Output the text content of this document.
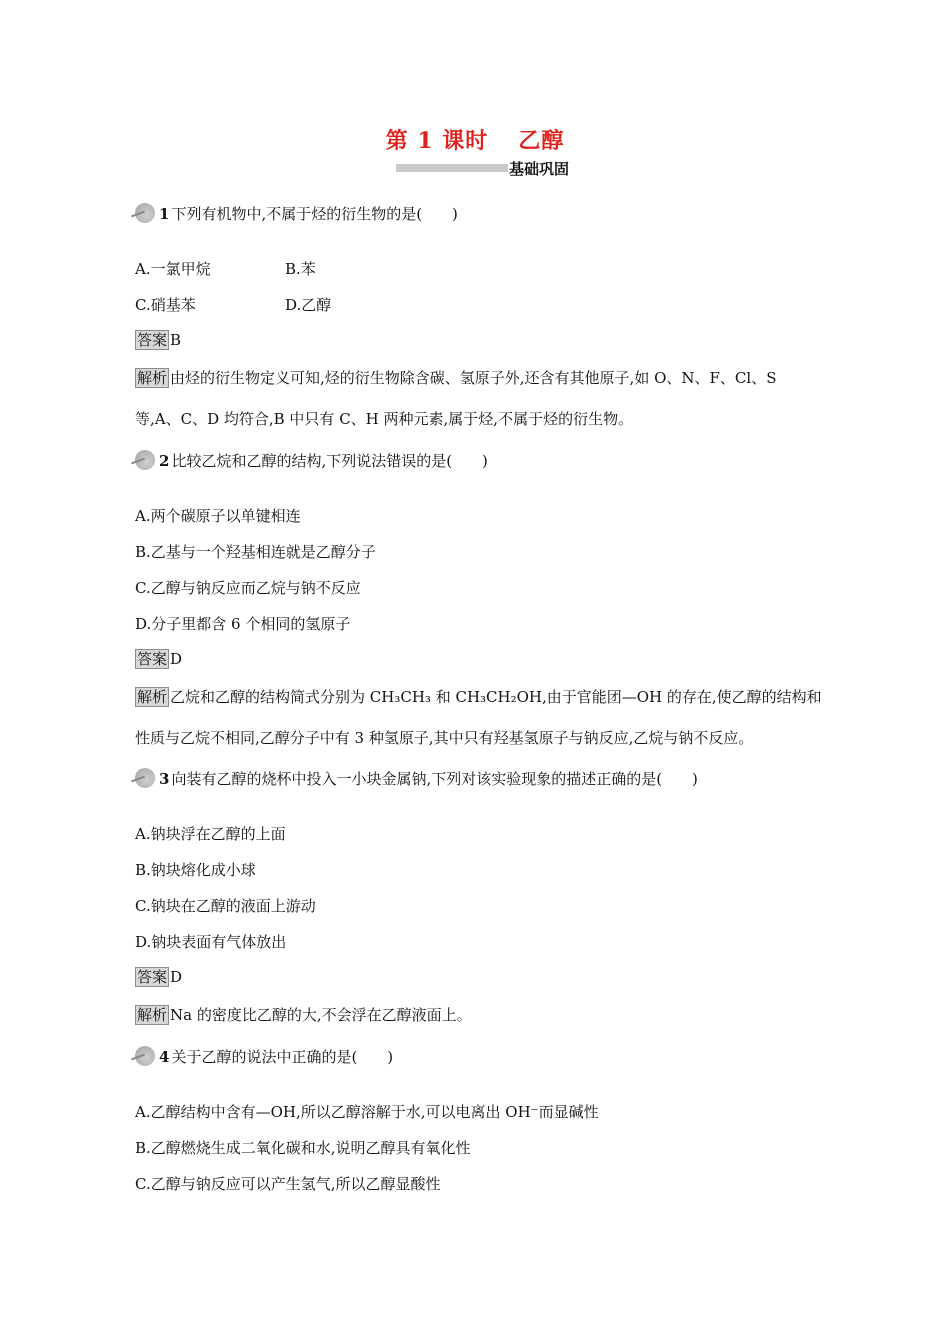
第 1 课时 乙醇
基础巩固
1 下列有机物中,不属于烃的衍生物的是(　　)
A.一氯甲烷	B.苯
C.硝基苯	D.乙醇
答案 B
解析 由烃的衍生物定义可知,烃的衍生物除含碳、氢原子外,还含有其他原子,如 O、N、F、Cl、S
等,A、C、D 均符合,B 中只有 C、H 两种元素,属于烃,不属于烃的衍生物。
2 比较乙烷和乙醇的结构,下列说法错误的是(　　)
A.两个碳原子以单键相连
B.乙基与一个羟基相连就是乙醇分子
C.乙醇与钠反应而乙烷与钠不反应
D.分子里都含 6 个相同的氢原子
答案 D
解析 乙烷和乙醇的结构简式分别为 CH₃CH₃ 和 CH₃CH₂OH,由于官能团—OH 的存在,使乙醇的结构和
性质与乙烷不相同,乙醇分子中有 3 种氢原子,其中只有羟基氢原子与钠反应,乙烷与钠不反应。
3 向装有乙醇的烧杯中投入一小块金属钠,下列对该实验现象的描述正确的是(　　)
A.钠块浮在乙醇的上面
B.钠块熔化成小球
C.钠块在乙醇的液面上游动
D.钠块表面有气体放出
答案 D
解析 Na 的密度比乙醇的大,不会浮在乙醇液面上。
4 关于乙醇的说法中正确的是(　　)
A.乙醇结构中含有—OH,所以乙醇溶解于水,可以电离出 OH⁻而显碱性
B.乙醇燃烧生成二氧化碳和水,说明乙醇具有氧化性
C.乙醇与钠反应可以产生氢气,所以乙醇显酸性
